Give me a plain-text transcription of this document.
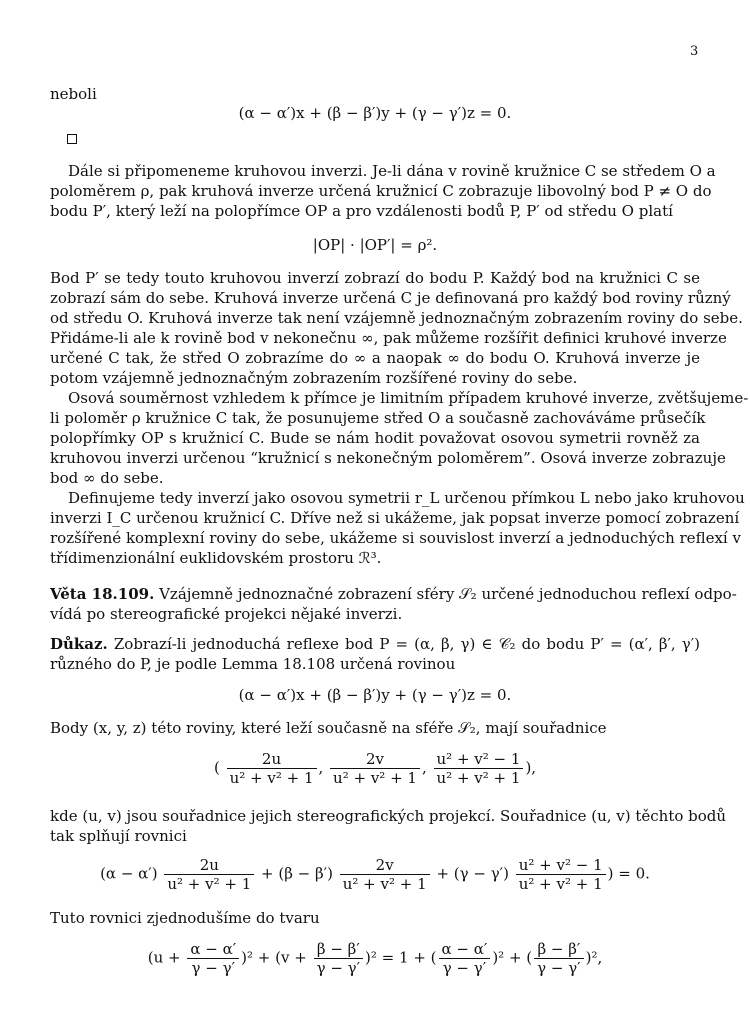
3
neboli
(α − α′)x + (β − β′)y + (γ − γ′)z = 0.
Dále si připomeneme kruhovou inverzi. Je-li dána v rovině kružnice C se středem O a
poloměrem ρ, pak kruhová inverze určená kružnicí C zobrazuje libovolný bod P ≠ O do
bodu P′, který leží na polopřímce OP a pro vzdálenosti bodů P, P′ od středu O platí
|OP| · |OP′| = ρ².
Bod P′ se tedy touto kruhovou inverzí zobrazí do bodu P. Každý bod na kružnici C se
zobrazí sám do sebe. Kruhová inverze určená C je definovaná pro každý bod roviny různý
od středu O. Kruhová inverze tak není vzájemně jednoznačným zobrazením roviny do sebe.
Přidáme-li ale k rovině bod v nekonečnu ∞, pak můžeme rozšířit definici kruhové inverze
určené C tak, že střed O zobrazíme do ∞ a naopak ∞ do bodu O. Kruhová inverze je
potom vzájemně jednoznačným zobrazením rozšířené roviny do sebe.
Osová souměrnost vzhledem k přímce je limitním případem kruhové inverze, zvětšujeme-
li poloměr ρ kružnice C tak, že posunujeme střed O a současně zachováváme průsečík
polopřímky OP s kružnicí C. Bude se nám hodit považovat osovou symetrii rovněž za
kruhovou inverzi určenou “kružnicí s nekonečným poloměrem”. Osová inverze zobrazuje
bod ∞ do sebe.
Definujeme tedy inverzí jako osovou symetrii r_L určenou přímkou L nebo jako kruhovou
inverzi I_C určenou kružnicí C. Dříve než si ukážeme, jak popsat inverze pomocí zobrazení
rozšířené komplexní roviny do sebe, ukážeme si souvislost inverzí a jednoduchých reflexí v
třídimenzionální euklidovském prostoru ℛ³.
Věta 18.109. Vzájemně jednoznačné zobrazení sféry 𝒮₂ určené jednoduchou reflexí odpo-
vídá po stereografické projekci nějaké inverzi.
Důkaz. Zobrazí-li jednoduchá reflexe bod P = (α, β, γ) ∈ 𝒞₂ do bodu P′ = (α′, β′, γ′)
různého do P, je podle Lemma 18.108 určená rovinou
(α − α′)x + (β − β′)y + (γ − γ′)z = 0.
Body (x, y, z) této roviny, které leží současně na sféře 𝒮₂, mají souřadnice
( $\frac{2u}{\text{u² + v² + 1}}$ , $\frac{2v}{\text{u² + v² + 1}}$ , $\frac{\text{u² + v² − 1}}{\text{u² + v² + 1}}$ ),
kde (u, v) jsou souřadnice jejich stereografických projekcí. Souřadnice (u, v) těchto bodů
tak splňují rovnici
$(\alpha - \alpha') \frac{2u}{\text{u² + v² + 1}} + (\beta - \beta') \frac{2v}{\text{u² + v² + 1}} + (\gamma - \gamma') \frac{\text{u² + v² − 1}}{\text{u² + v² + 1}}$ ) = 0.
Tuto rovnici zjednodušíme do tvaru
$(u + \frac{\alpha - \alpha'}{\gamma - \gamma'} )^2 + (v + \frac{\beta - \beta'}{\gamma - \gamma'} )^2 = 1$ + ( $\frac{\alpha - \alpha'}{\gamma - \gamma'} )^2$ + ( $\frac{\beta - \beta'}{\gamma - \gamma'} )^2$,
